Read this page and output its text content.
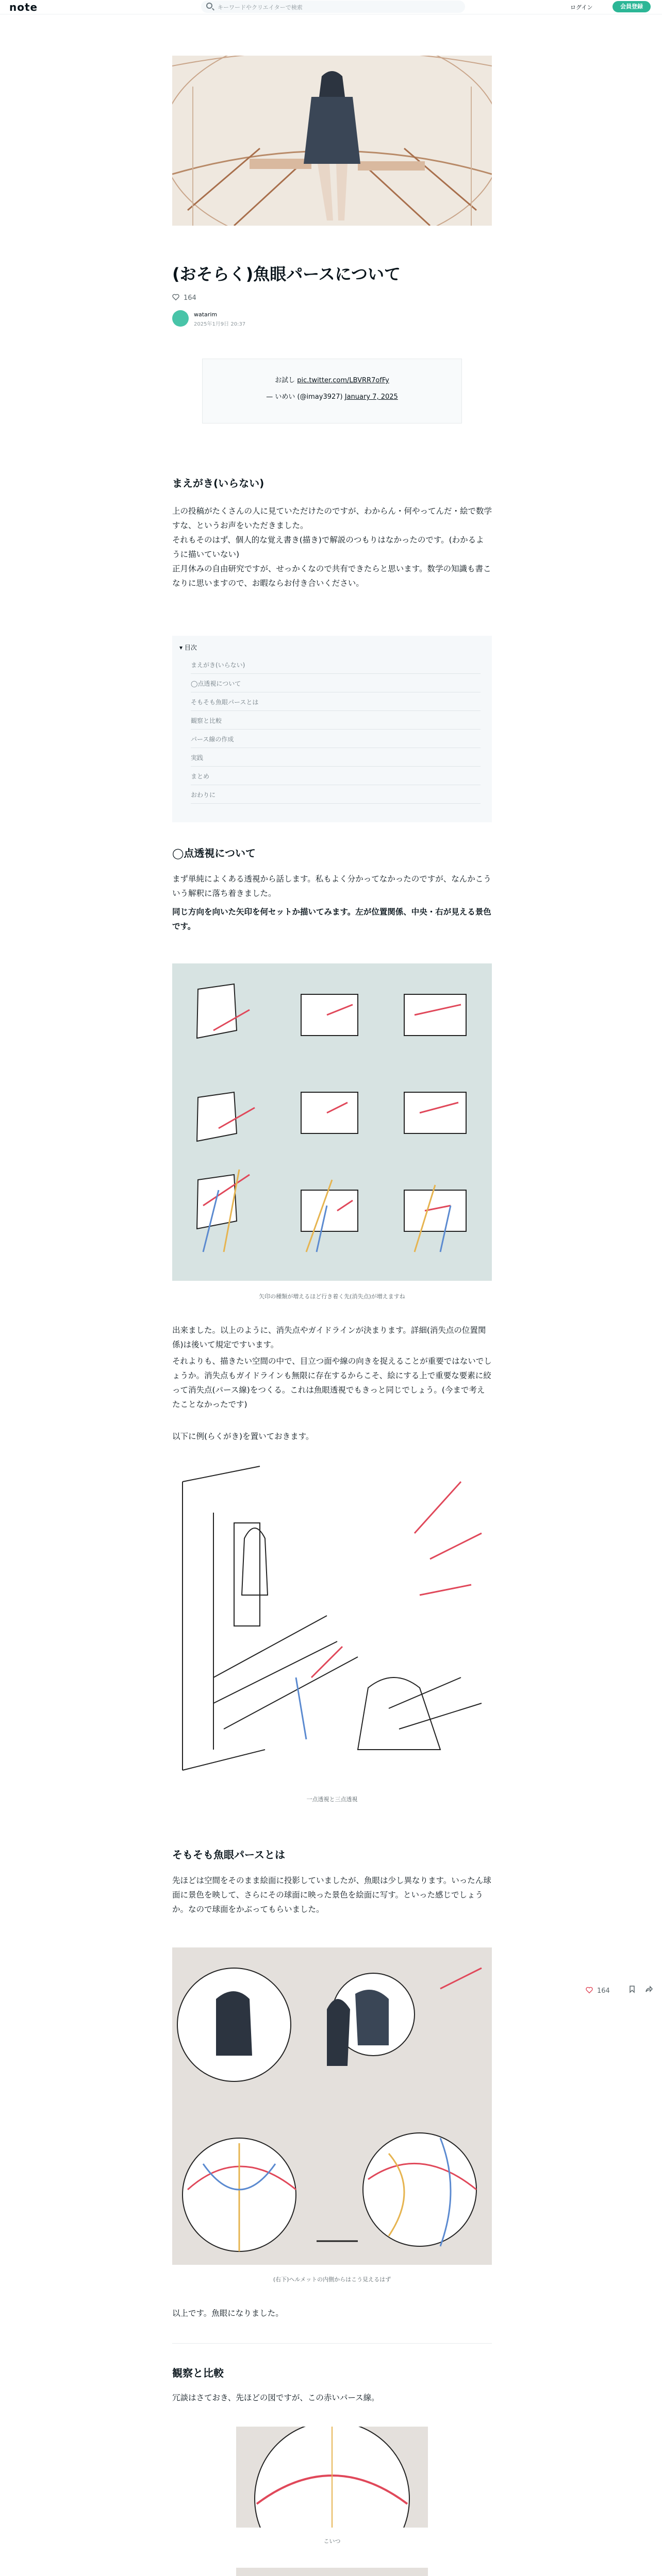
note	キーワードやクリエイターで検索	ログイン	会員登録
(おそらく)魚眼パースについて
164
watarim
2025年1月9日 20:37
お試し pic.twitter.com/LBVRR7ofFy
— いめい (@imay3927) January 7, 2025
まえがき(いらない)
上の投稿がたくさんの人に見ていただけたのですが、わからん・何やってんだ・絵で数学すな、というお声をいただきました。
それもそのはず、個人的な覚え書き(描き)で解説のつもりはなかったのです。(わかるように描いていない)
正月休みの自由研究ですが、せっかくなので共有できたらと思います。数学の知識も書こなりに思いますので、お暇ならお付き合いください。
▾ 目次
まえがき(いらない)
◯点透視について
そもそも魚眼パースとは
観察と比較
パース線の作成
実践
まとめ
おわりに
◯点透視について
まず単純によくある透視から話します。私もよく分かってなかったのですが、なんかこういう解釈に落ち着きました。
同じ方向を向いた矢印を何セットか描いてみます。左が位置関係、中央・右が見える景色です。
矢印の種類が増えるほど行き着く先(消失点)が増えますね
出来ました。以上のように、消失点やガイドラインが決まります。詳細(消失点の位置関係)は後いて規定ですいます。
それよりも、描きたい空間の中で、目立つ面や線の向きを捉えることが重要ではないでしょうか。消失点もガイドラインも無限に存在するからこそ、絵にする上で重要な要素に絞って消失点(パース線)をつくる。これは魚眼透視でもきっと同じでしょう。(今まで考えたことなかったです)
以下に例(らくがき)を置いておきます。
一点透視と三点透視
そもそも魚眼パースとは
先ほどは空間をそのまま絵面に投影していましたが、魚眼は少し異なります。いったん球面に景色を映して、さらにその球面に映った景色を絵面に写す。といった感じでしょうか。なので球面をかぶってもらいました。
(右下)ヘルメットの内側からはこう見えるはず
以上です。魚眼になりました。
観察と比較
冗談はさておき、先ほどの図ですが、この赤いパース線。
こいつ
164
